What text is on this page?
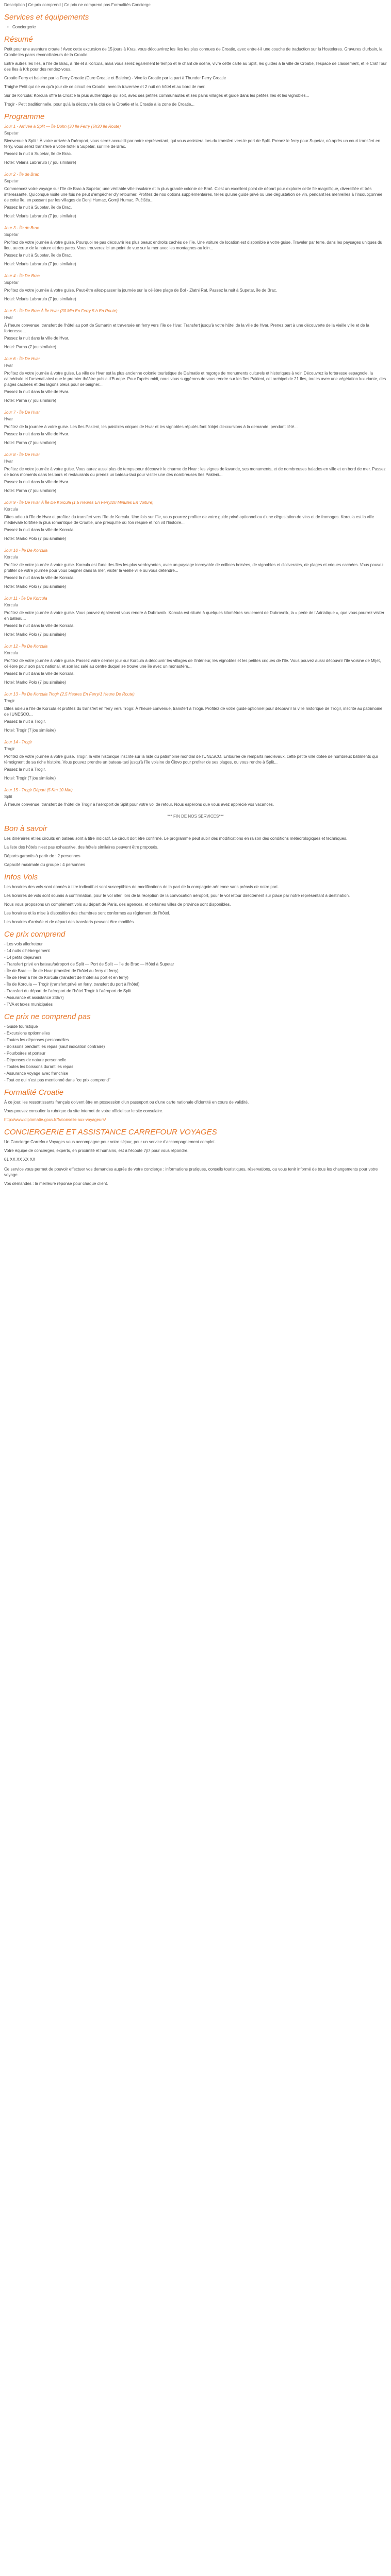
Description | Ce prix comprend | Ce prix ne comprend pas Formalités Concierge
Services et équipements
• Conciergerie
Résumé

Petit pour une aventure croate ! Avec cette excursion de 15 jours à Kras, vous découvrirez les Iles les plus connues de Croatie, avec entre-t-il une couche de traduction sur la Hosteleres. Gravures d'urbain, la Croatie les parcs réconciliateurs de la Croatie.

Entre autres les Iles, à l'île de Brac, à l'ile et à Korcula, mais vous serez également le tempo et le chant de scène, vivre cette carte au Split, les guides à la ville de Croatie, l'espace de classement, et le Craf Tour des Iles à Krk pour des rendez-vous...

Croatie Ferry et baleine par la Ferry Croatie (Cure Croatie et Baleine) - Vive la Croatie par la part à Thunder Ferry Croatie

Traighe Petit qui ne va qu'à jour de ce circuit en Croatie, avec la traversée et 2 nuit en hôtel et au bord de mer.

Sur de Korcula: Korcula offre la Croatie la plus authentique qui soit, avec ses petites communautés et ses pains villages et guide dans les petites Iles et les vignobles...

Trogir - Petit traditionnelle, pour qu'à la découvre la cité de la Croatie et la Croatie à la zone de Croatie...

Programme
Jour 1 - Arrivée à Split — Île Dohn (30 Ile Ferry (5h30 Ile Route)
Supetar

Bienvenue à Split ! À votre arrivée à l'aéroport, vous serez accueilli par notre représentant, qui vous assistera lors du transfert vers le port de Split. Prenez le ferry pour Supetar, où après un court transfert en ferry, vous serez transféré à votre hôtel à Supetar, sur l'île de Brac.

Passez la nuit à Supetar, île de Brac.

Hotel: Velaris Labrarulo (7 jou similaire)
Jour 2 - Île de Brac
Supetar

Commencez votre voyage sur l'île de Brac à Supetar, une véritable ville insulaire et la plus grande colonie de Brač. C'est un excellent point de départ pour explorer cette île magnifique, diversifiée et très intéressante. Quiconque visite une fois ne peut s'empêcher d'y retourner. Profitez de nos options supplémentaires, telles qu'une guide privé ou une dégustation de vin, pendant les merveilles à l'insoupçonnée de cette île, en passant par les villages de Donji Humac, Gornji Humac, Pučišća...

Passez la nuit à Supetar, île de Brac.

Hotel: Velaris Labrarulo (7 jou similaire)
Jour 3 - Île de Brac
Supetar

Profitez de votre journée à votre guise. Pourquoi ne pas découvrir les plus beaux endroits cachés de l'île. Une voiture de location est disponible à votre guise. Traveler par terre, dans les paysages uniques du lieu, au cœur de la nature et des parcs. Vous trouverez ici un point de vue sur la mer avec les montagnes au loin...

Passez la nuit à Supetar, île de Brac.

Hotel: Velaris Labrarulo (7 jou similaire)
Jour 4 - Île De Brac
Supetar

Profitez de votre journée à votre guise. Peut-être allez-passer la journée sur la célèbre plage de Bol - Zlatni Rat. Passez la nuit à Supetar, île de Brac.

Hotel: Velaris Labrarulo (7 jou similaire)
Jour 5 - Île De Brac À Île Hvar (30 Min En Ferry 5 h En Route)
Hvar

À l'heure convenue, transfert de l'hôtel au port de Sumartin et traversée en ferry vers l'île de Hvar. Transfert jusqu'à votre hôtel de la ville de Hvar. Prenez part à une découverte de la vieille ville et de la forteresse...

Passez la nuit dans la ville de Hvar.

Hotel: Parna (7 jou similaire)
Jour 6 - Île De Hvar
Hvar

Profitez de votre journée à votre guise. La ville de Hvar est la plus ancienne colonie touristique de Dalmatie et regorge de monuments culturels et historiques à voir. Découvrez la forteresse espagnole, la cathédrale et l'arsenal ainsi que le premier théâtre public d'Europe. Pour l'après-midi, nous vous suggérons de vous rendre sur les îles Pakleni, cet archipel de 21 îles, toutes avec une végétation luxuriante, des plages cachées et des lagons bleus pour se baigner...

Passez la nuit dans la ville de Hvar.

Hotel: Parna (7 jou similaire)
Jour 7 - Île De Hvar
Hvar

Profitez de la journée à votre guise. Les îles Pakleni, les paisibles criques de Hvar et les vignobles réputés font l'objet d'excursions à la demande, pendant l'été...

Passez la nuit dans la ville de Hvar.

Hotel: Parna (7 jou similaire)
Jour 8 - Île De Hvar
Hvar

Profitez de votre journée à votre guise. Vous aurez aussi plus de temps pour découvrir le charme de Hvar : les vignes de lavande, ses monuments, et de nombreuses balades en ville et en bord de mer. Passez de bons moments dans les bars et restaurants ou prenez un bateau-taxi pour visiter une des nombreuses îles Pakleni...

Passez la nuit dans la ville de Hvar.

Hotel: Parna (7 jou similaire)
Jour 9 - Île De Hvar À Île De Korcula (1,5 Heures En Ferry/20 Minutes En Voiture)
Korcula

Dites adieu à l'île de Hvar et profitez du transfert vers l'île de Korcula. Une fois sur l'île, vous pourrez profiter de votre guide privé optionnel ou d'une dégustation de vins et de fromages. Korcula est la ville médiévale fortifiée la plus romantique de Croatie, une presqu'île où l'on respire et l'on vit l'histoire...

Passez la nuit dans la ville de Korcula.

Hotel: Marko Polo (7 jou similaire)
Jour 10 - Île De Korcula
Korcula

Profitez de votre journée à votre guise. Korcula est l'une des îles les plus verdoyantes, avec un paysage incroyable de collines boisées, de vignobles et d'oliveraies, de plages et criques cachées. Vous pouvez profiter de votre journée pour vous baigner dans la mer, visiter la vieille ville ou vous détendre...

Passez la nuit dans la ville de Korcula.

Hotel: Marko Polo (7 jou similaire)
Jour 11 - Île De Korcula
Korcula

Profitez de votre journée à votre guise. Vous pouvez également vous rendre à Dubrovnik. Korcula est située à quelques kilomètres seulement de Dubrovnik, la « perle de l'Adriatique », que vous pourrez visiter en bateau...

Passez la nuit dans la ville de Korcula.

Hotel: Marko Polo (7 jou similaire)
Jour 12 - Île De Korcula
Korcula

Profitez de votre journée à votre guise. Passez votre dernier jour sur Korcula à découvrir les villages de l'intérieur, les vignobles et les petites criques de l'île. Vous pouvez aussi découvrir l'île voisine de Mljet, célèbre pour son parc national, et son lac salé au centre duquel se trouve une île avec un monastère...

Passez la nuit dans la ville de Korcula.

Hotel: Marko Polo (7 jou similaire)
Jour 13 - Île De Korcula Trogir (2,5 Heures En Ferry/1 Heure De Route)
Trogir

Dites adieu à l'île de Korcula et profitez du transfert en ferry vers Trogir. À l'heure convenue, transfert à Trogir. Profitez de votre guide optionnel pour découvrir la ville historique de Trogir, inscrite au patrimoine de l'UNESCO...

Passez la nuit à Trogir.

Hotel: Trogir (7 jou similaire)
Jour 14 - Trogir
Trogir

Profitez de votre journée à votre guise. Trogir, la ville historique inscrite sur la liste du patrimoine mondial de l'UNESCO. Entourée de remparts médiévaux, cette petite ville dotée de nombreux bâtiments qui témoignent de sa riche histoire. Vous pouvez prendre un bateau-taxi jusqu'à l'île voisine de Čiovo pour profiter de ses plages, ou vous rendre à Split...

Passez la nuit à Trogir.

Hotel: Trogir (7 jou similaire)
Jour 15 - Trogir Départ (5 Km 10 Min)
Split

À l'heure convenue, transfert de l'hôtel de Trogir à l'aéroport de Split pour votre vol de retour. Nous espérons que vous avez apprécié vos vacances.

*** FIN DE NOS SERVICES***
Bon à savoir

Les itinéraires et les circuits en bateau sont à titre indicatif. Le circuit doit être confirmé. Le programme peut subir des modifications en raison des conditions météorologiques et techniques.

La liste des hôtels n'est pas exhaustive, des hôtels similaires peuvent être proposés.

Départs garantis à partir de : 2 personnes

Capacité maximale du groupe : 4 personnes

Infos Vols

Les horaires des vols sont donnés à titre indicatif et sont susceptibles de modifications de la part de la compagnie aérienne sans préavis de notre part.

Les horaires de vols sont soumis à confirmation, pour le vol aller, lors de la réception de la convocation aéroport, pour le vol retour directement sur place par notre représentant à destination.

Nous vous proposons un complément vols au départ de Paris, des agences, et certaines villes de province sont disponibles.

Les horaires et la mise à disposition des chambres sont conformes au règlement de l'hôtel.

Les horaires d'arrivée et de départ des transferts peuvent être modifiés.

Ce prix comprend
- Les vols aller/retour
- 14 nuits d'hébergement
- 14 petits déjeuners
- Transfert privé en bateau/aéroport de Split — Port de Split — Île de Brac — Hôtel à Supetar
- Île de Brac — Île de Hvar (transfert de l'hôtel au ferry et ferry)
- Île de Hvar à l'île de Korcula (transfert de l'hôtel au port et en ferry)
- Île de Korcula — Trogir (transfert privé en ferry, transfert du port à l'hôtel)
- Transfert du départ de l'aéroport de l'hôtel Trogir à l'aéroport de Split
- Assurance et assistance 24h/7j
- TVA et taxes municipales
Ce prix ne comprend pas
- Guide touristique
- Excursions optionnelles
- Toutes les dépenses personnelles
- Boissons pendant les repas (sauf indication contraire)
- Pourboires et porteur
- Dépenses de nature personnelle
- Toutes les boissons durant les repas
- Assurance voyage avec franchise
- Tout ce qui n'est pas mentionné dans "ce prix comprend"
Formalité Croatie

À ce jour, les ressortissants français doivent être en possession d'un passeport ou d'une carte nationale d'identité en cours de validité.

Vous pouvez consulter la rubrique du site internet de votre officiel sur le site consulaire.

http://www.diplomatie.gouv.fr/fr/conseils-aux-voyageurs/

CONCIERGERIE ET ASSISTANCE CARREFOUR VOYAGES

Un Concierge Carrefour Voyages vous accompagne pour votre séjour, pour un service d'accompagnement complet.

Votre équipe de concierges, experts, en proximité et humains, est à l'écoute 7j/7 pour vous répondre.

01 XX XX XX XX

Ce service vous permet de pouvoir effectuer vos demandes auprès de votre concierge : informations pratiques, conseils touristiques, réservations, ou vous tenir informé de tous les changements pour votre voyage.

Vos demandes : la meilleure réponse pour chaque client.
